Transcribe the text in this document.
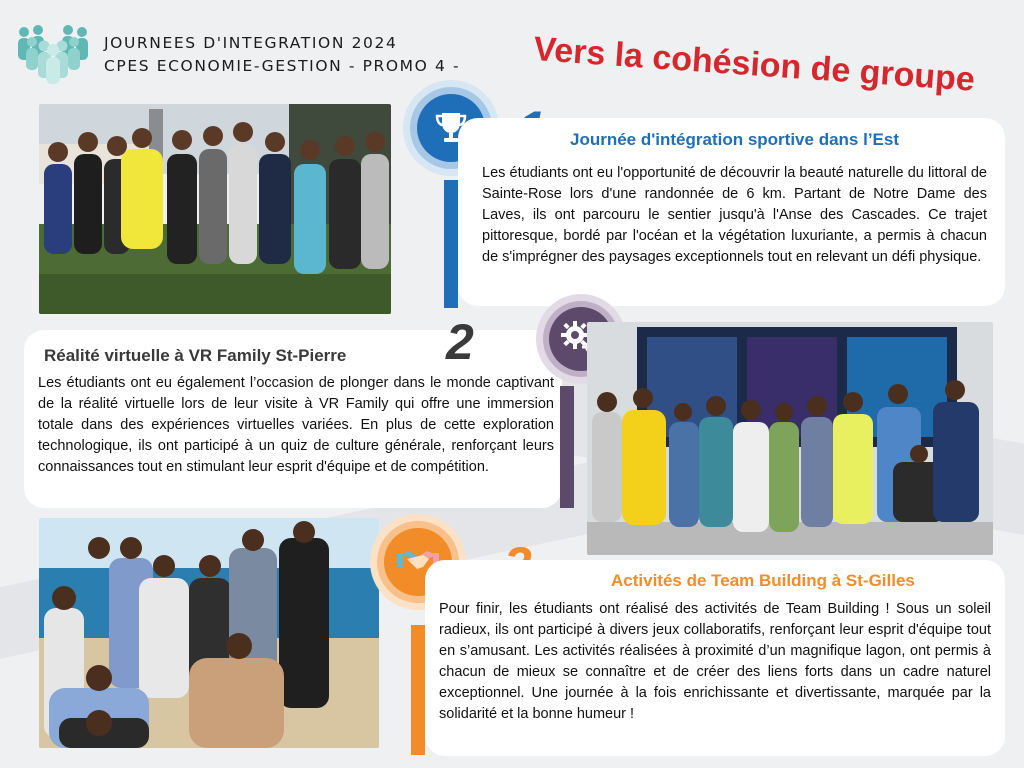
JOURNEES D'INTEGRATION 2024
CPES ECONOMIE-GESTION - PROMO 4 - Vers la cohésion de groupe
Journée d'intégration sportive dans l’Est

Les étudiants ont eu l'opportunité de découvrir la beauté naturelle du littoral de Sainte-Rose lors d'une randonnée de 6 km. Partant de Notre Dame des Laves, ils ont parcouru le sentier jusqu'à l'Anse des Cascades. Ce trajet pittoresque, bordé par l'océan et la végétation luxuriante, a permis à chacun de s'imprégner des paysages exceptionnels tout en relevant un défi physique.

Réalité virtuelle à VR Family St-Pierre

Les étudiants ont eu également l’occasion de plonger dans le monde captivant de la réalité virtuelle lors de leur visite à VR Family qui offre une immersion totale dans des expériences virtuelles variées. En plus de cette exploration technologique, ils ont participé à un quiz de culture générale, renforçant leurs connaissances tout en stimulant leur esprit d'équipe et de compétition.

2
Activités de Team Building à St-Gilles

Pour finir, les étudiants ont réalisé des activités de Team Building ! Sous un soleil radieux, ils ont participé à divers jeux collaboratifs, renforçant leur esprit d'équipe tout en s’amusant. Les activités réalisées à proximité d’un magnifique lagon, ont permis à chacun de mieux se connaître et de créer des liens forts dans un cadre naturel exceptionnel. Une journée à la fois enrichissante et divertissante, marquée par la solidarité et la bonne humeur !
